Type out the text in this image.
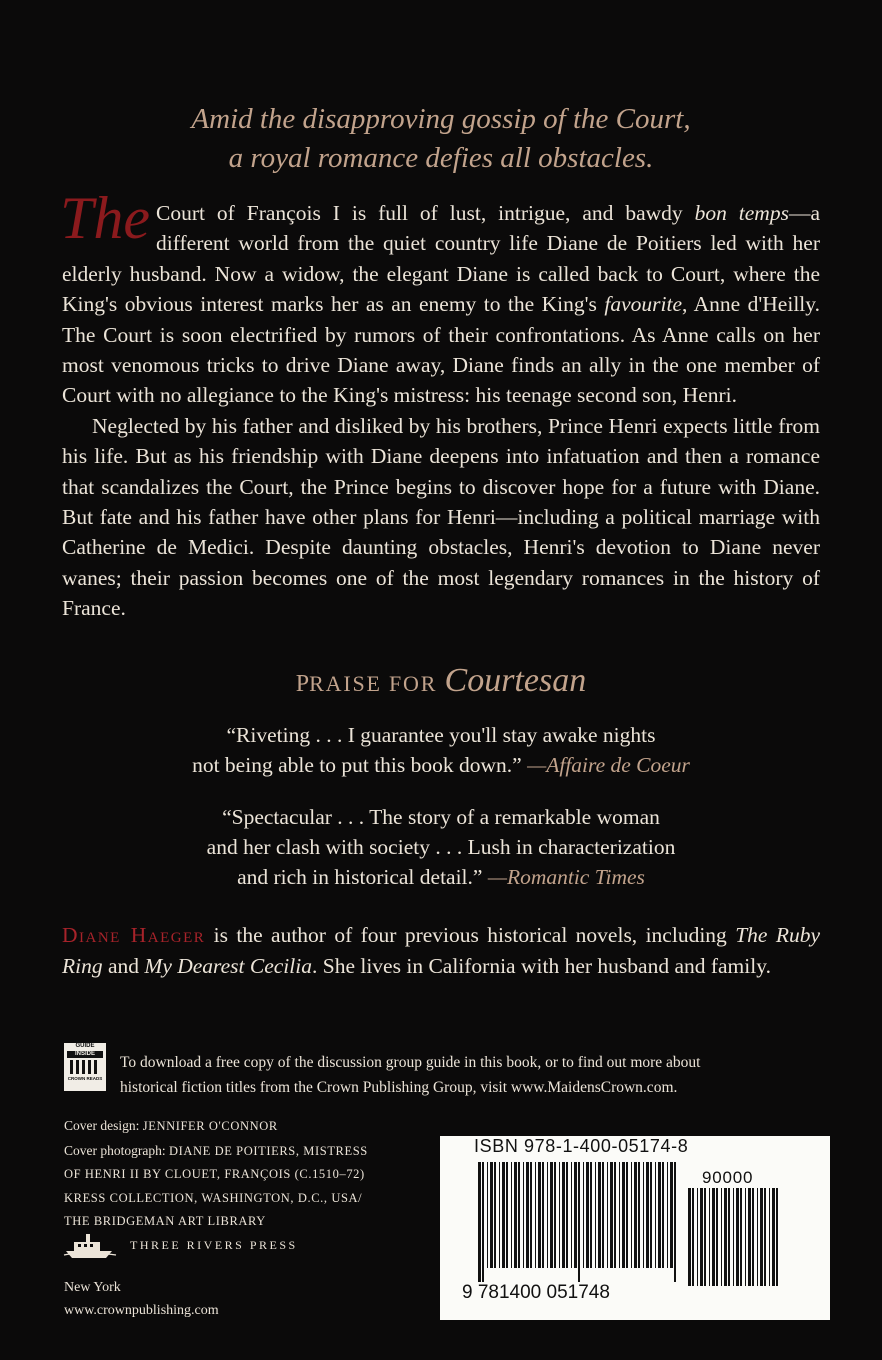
Amid the disapproving gossip of the Court,
a royal romance defies all obstacles.

The Court of François I is full of lust, intrigue, and bawdy bon temps—a different world from the quiet country life Diane de Poitiers led with her elderly husband. Now a widow, the elegant Diane is called back to Court, where the King's obvious interest marks her as an enemy to the King's favourite, Anne d'Heilly. The Court is soon electrified by rumors of their confrontations. As Anne calls on her most venomous tricks to drive Diane away, Diane finds an ally in the one member of Court with no allegiance to the King's mistress: his teenage second son, Henri.

Neglected by his father and disliked by his brothers, Prince Henri expects little from his life. But as his friendship with Diane deepens into infatuation and then a romance that scandalizes the Court, the Prince begins to discover hope for a future with Diane. But fate and his father have other plans for Henri—including a political marriage with Catherine de Medici. Despite daunting obstacles, Henri's devotion to Diane never wanes; their passion becomes one of the most legendary romances in the history of France.

PRAISE FOR Courtesan
“Riveting . . . I guarantee you'll stay awake nights
not being able to put this book down.” —Affaire de Coeur
“Spectacular . . . The story of a remarkable woman
and her clash with society . . . Lush in characterization
and rich in historical detail.” —Romantic Times
Diane Haeger is the author of four previous historical novels, including The Ruby Ring and My Dearest Cecilia. She lives in California with her husband and family.
GUIDE
INSIDE
CROWN READS
To download a free copy of the discussion group guide in this book, or to find out more about
historical fiction titles from the Crown Publishing Group, visit www.MaidensCrown.com.
Cover design: JENNIFER O'CONNOR
Cover photograph: DIANE DE POITIERS, MISTRESS
OF HENRI II BY CLOUET, FRANÇOIS (C.1510–72)
KRESS COLLECTION, WASHINGTON, D.C., USA/
THE BRIDGEMAN ART LIBRARY
THREE RIVERS PRESS
New York
www.crownpublishing.com
ISBN 978-1-400-05174-8
90000
9 781400 051748
